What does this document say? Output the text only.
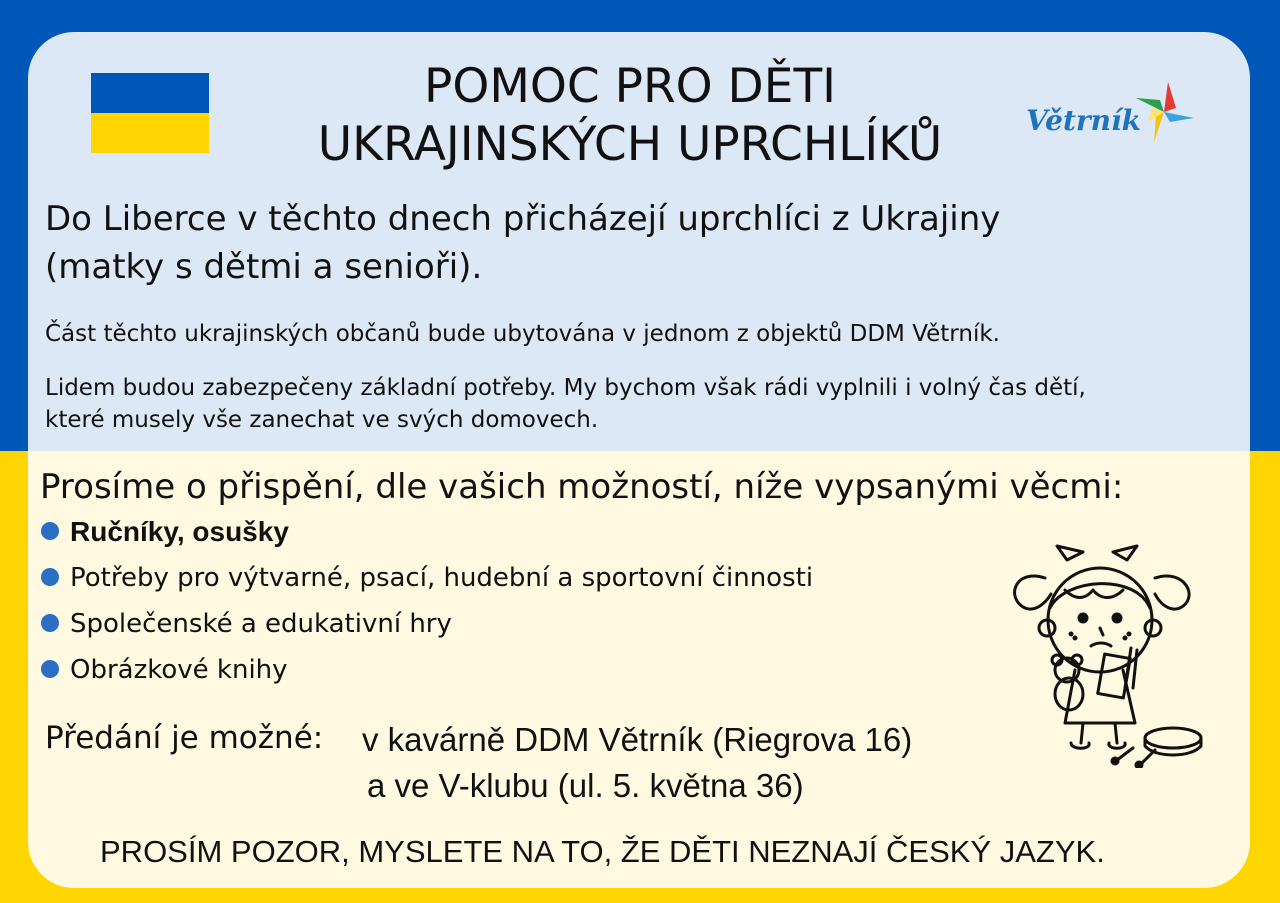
POMOC PRO DĚTI
UKRAJINSKÝCH UPRCHLÍKŮ	Větrník
Do Liberce v těchto dnech přicházejí uprchlíci z Ukrajiny
(matky s dětmi a senioři).
Část těchto ukrajinských občanů bude ubytována v jednom z objektů DDM Větrník.
Lidem budou zabezpečeny základní potřeby. My bychom však rádi vyplnili i volný čas dětí,
které musely vše zanechat ve svých domovech.
Prosíme o přispění, dle vašich možností, níže vypsanými věcmi:
Ručníky, osušky
Potřeby pro výtvarné, psací, hudební a sportovní činnosti
Společenské a edukativní hry
Obrázkové knihy
Předání je možné: v kavárně DDM Větrník (Riegrova 16)
a ve V-klubu (ul. 5. května 36)
PROSÍM POZOR, MYSLETE NA TO, ŽE DĚTI NEZNAJÍ ČESKÝ JAZYK.
